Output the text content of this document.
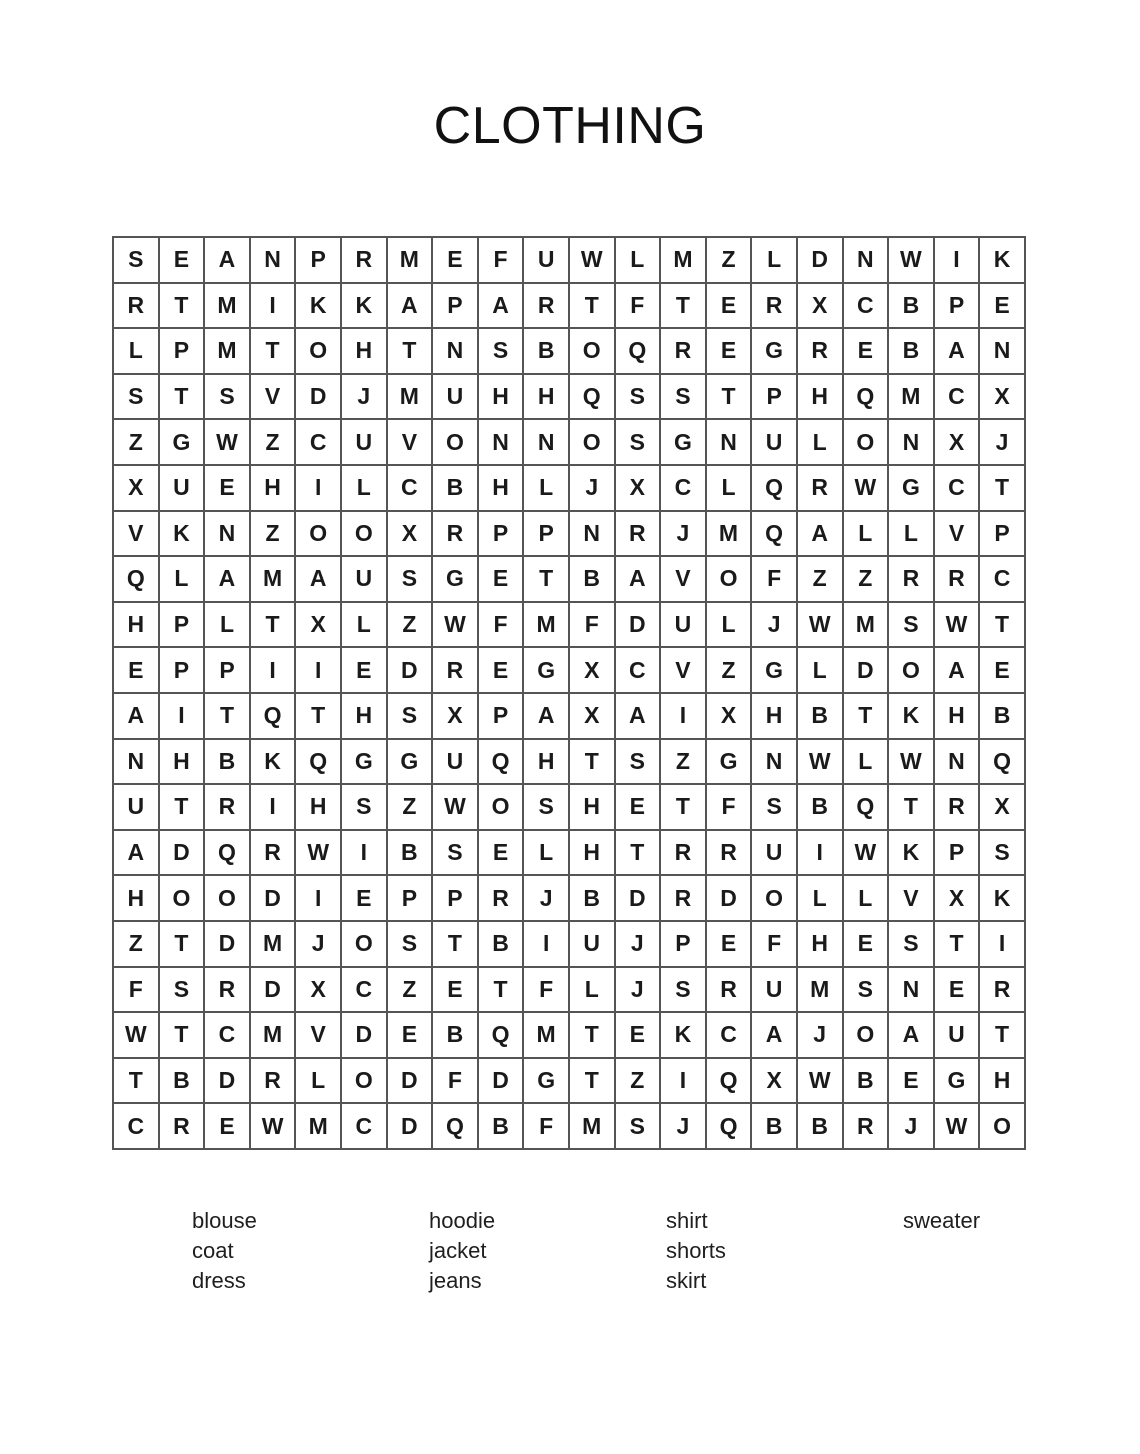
CLOTHING
S	E	A	N	P	R	M	E	F	U	W	L	M	Z	L	D	N	W	I	K
R	T	M	I	K	K	A	P	A	R	T	F	T	E	R	X	C	B	P	E
L	P	M	T	O	H	T	N	S	B	O	Q	R	E	G	R	E	B	A	N
S	T	S	V	D	J	M	U	H	H	Q	S	S	T	P	H	Q	M	C	X
Z	G	W	Z	C	U	V	O	N	N	O	S	G	N	U	L	O	N	X	J
X	U	E	H	I	L	C	B	H	L	J	X	C	L	Q	R	W	G	C	T
V	K	N	Z	O	O	X	R	P	P	N	R	J	M	Q	A	L	L	V	P
Q	L	A	M	A	U	S	G	E	T	B	A	V	O	F	Z	Z	R	R	C
H	P	L	T	X	L	Z	W	F	M	F	D	U	L	J	W	M	S	W	T
E	P	P	I	I	E	D	R	E	G	X	C	V	Z	G	L	D	O	A	E
A	I	T	Q	T	H	S	X	P	A	X	A	I	X	H	B	T	K	H	B
N	H	B	K	Q	G	G	U	Q	H	T	S	Z	G	N	W	L	W	N	Q
U	T	R	I	H	S	Z	W	O	S	H	E	T	F	S	B	Q	T	R	X
A	D	Q	R	W	I	B	S	E	L	H	T	R	R	U	I	W	K	P	S
H	O	O	D	I	E	P	P	R	J	B	D	R	D	O	L	L	V	X	K
Z	T	D	M	J	O	S	T	B	I	U	J	P	E	F	H	E	S	T	I
F	S	R	D	X	C	Z	E	T	F	L	J	S	R	U	M	S	N	E	R
W	T	C	M	V	D	E	B	Q	M	T	E	K	C	A	J	O	A	U	T
T	B	D	R	L	O	D	F	D	G	T	Z	I	Q	X	W	B	E	G	H
C	R	E	W	M	C	D	Q	B	F	M	S	J	Q	B	B	R	J	W	O
blouse
coat
dress
hoodie
jacket
jeans
shirt
shorts
skirt
sweater
